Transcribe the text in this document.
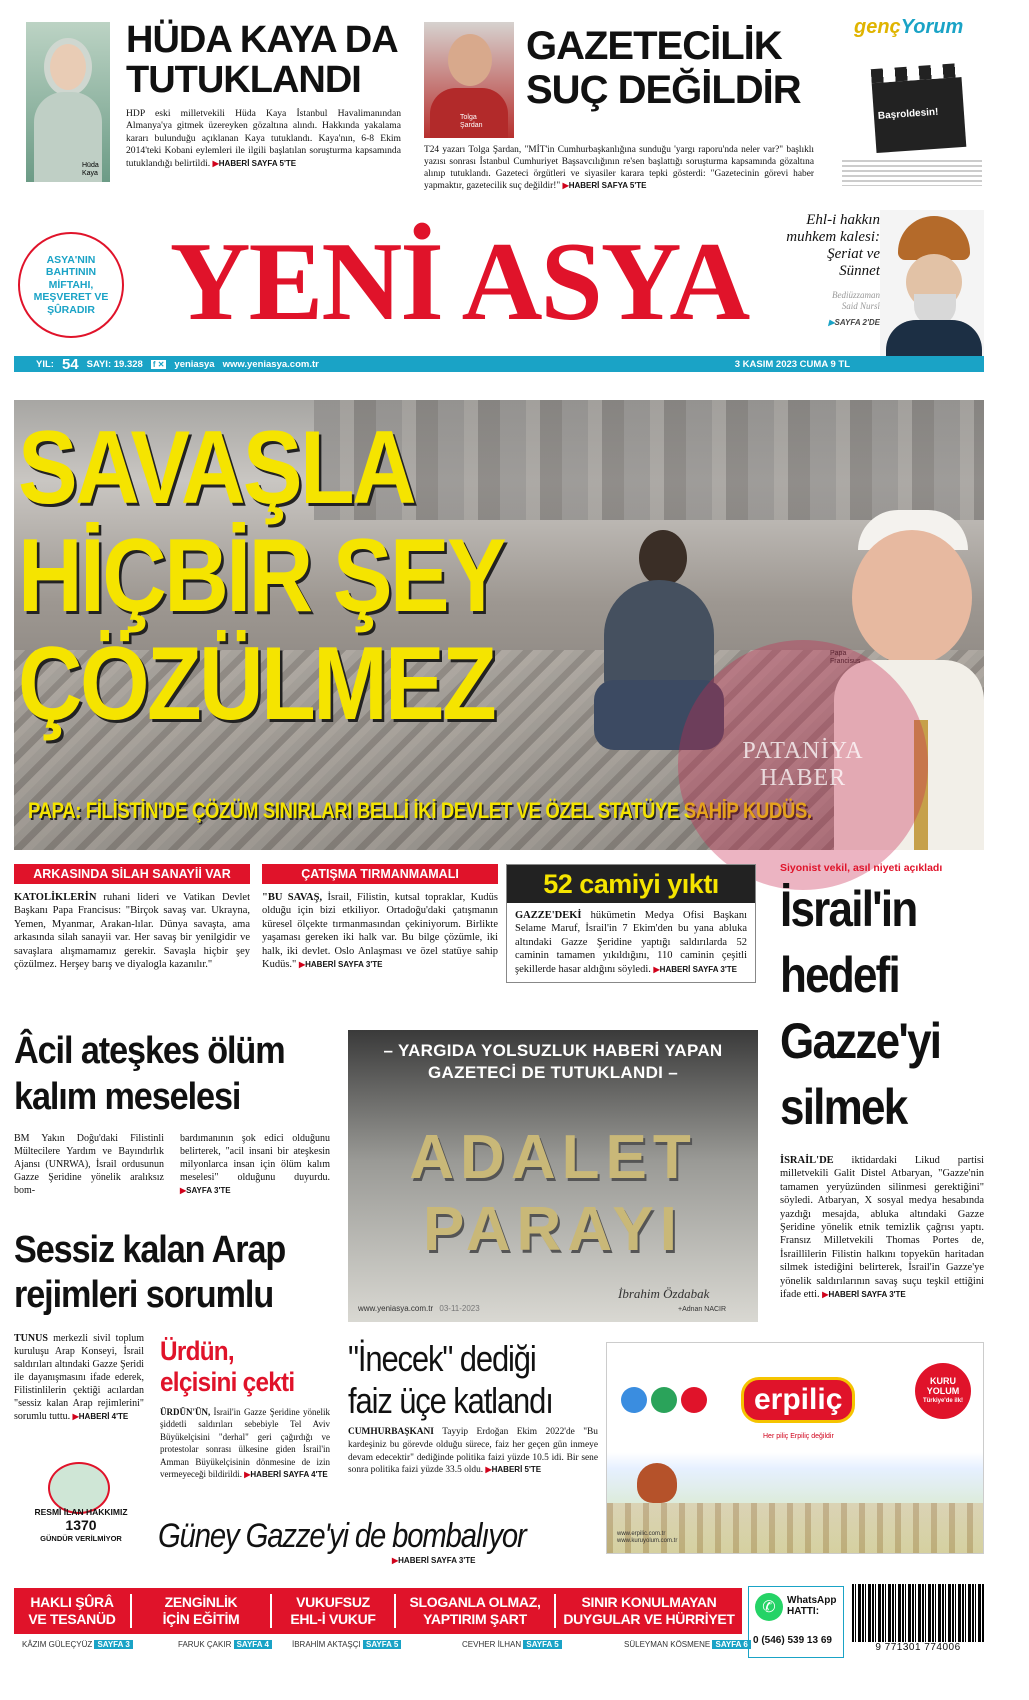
Hüda
Kaya
HÜDA KAYA DA
TUTUKLANDI
HDP eski milletvekili Hüda Kaya İstanbul Havalimanından Almanya'ya gitmek üzereyken gözaltına alındı. Hakkında yakalama kararı bulunduğu açıklanan Kaya tutuklandı. Kaya'nın, 6-8 Ekim 2014'teki Kobani eylemleri ile ilgili başlatılan soruşturma kapsamında tutuklandığı belirtildi. ▶HABERİ SAYFA 5'TE
Tolga
Şardan
GAZETECİLİK
SUÇ DEĞİLDİR
T24 yazarı Tolga Şardan, "MİT'in Cumhurbaşkanlığına sunduğu 'yargı raporu'nda neler var?" başlıklı yazısı sonrası İstanbul Cumhuriyet Başsavcılığının re'sen başlattığı soruşturma kapsamında gözaltına alınıp tutuklandı. Gazeteci örgütleri ve siyasiler karara tepki gösterdi: "Gazetecinin görevi haber yapmaktır, gazetecilik suç değildir!" ▶HABERİ SAFYA 5'TE
gençYorum
Başroldesin!
ASYA'NIN
BAHTININ
MİFTAHI,
MEŞVERET VE
ŞÛRADIR YENİ ASYA	Ehl-i hakkın
muhkem kalesi:
Şeriat ve
Sünnet
Bediüzzaman
Said Nursî
▶SAYFA 2'DE
YIL: 54 SAYI: 19.328 f ✕ yeniasya www.yeniasya.com.tr	3 KASIM 2023 CUMA 9 TL
Papa
Francisus
SAVAŞLA
HİÇBİR ŞEY
ÇÖZÜLMEZ
PAPA: FİLİSTİN'DE ÇÖZÜM SINIRLARI BELLİ İKİ DEVLET VE ÖZEL STATÜYE SAHİP KUDÜS.
PATANİYA
HABER
ARKASINDA SİLAH SANAYİİ VAR
KATOLİKLERİN ruhani lideri ve Vatikan Devlet Başkanı Papa Francisus: "Birçok savaş var. Ukrayna, Yemen, Myanmar, Arakan-lılar. Dünya savaşta, ama arkasında silah sanayii var. Her savaş bir yenilgidir ve savaşlara alışmamamız gerekir. Savaşla hiçbir şey çözülmez. Herşey barış ve diyalogla kazanılır."
ÇATIŞMA TIRMANMAMALI
"BU SAVAŞ, İsrail, Filistin, kutsal topraklar, Kudüs olduğu için bizi etkiliyor. Ortadoğu'daki çatışmanın küresel ölçekte tırmanmasından çekiniyorum. Birlikte yaşaması gereken iki halk var. Bu bilge çözümle, iki halk, iki devlet. Oslo Anlaşması ve özel statüye sahip Kudüs." ▶HABERİ SAYFA 3'TE
52 camiyi yıktı
GAZZE'DEKİ hükümetin Medya Ofisi Başkanı Selame Maruf, İsrail'in 7 Ekim'den bu yana abluka altındaki Gazze Şeridine yaptığı saldırılarda 52 caminin tamamen yıkıldığını, 110 caminin çeşitli şekillerde hasar aldığını söyledi. ▶HABERİ SAYFA 3'TE
Siyonist vekil, asıl niyeti açıkladı
İsrail'in
hedefi
Gazze'yi
silmek
İSRAİL'DE iktidardaki Likud partisi milletvekili Galit Distel Atbaryan, "Gazze'nin tamamen yeryüzünden silinmesi gerektiğini" söyledi. Atbaryan, X sosyal medya hesabında yazdığı mesajda, abluka altındaki Gazze Şeridine yönelik etnik temizlik çağrısı yaptı. Fransız Milletvekili Thomas Portes de, İsraillilerin Filistin halkını topyekün haritadan silmek istediğini belirterek, İsrail'in Gazze'ye yönelik saldırılarının savaş suçu teşkil ettiğini ifade etti. ▶HABERİ SAYFA 3'TE
Âcil ateşkes ölüm
kalım meselesi
BM Yakın Doğu'daki Filistinli Mültecilere Yardım ve Bayındırlık Ajansı (UNRWA), İsrail ordusunun Gazze Şeridine yönelik aralıksız bom-
bardımanının şok edici olduğunu belirterek, "acil insani bir ateşkesin milyonlarca insan için ölüm kalım meselesi" olduğunu duyurdu. ▶SAYFA 3'TE
– YARGIDA YOLSUZLUK HABERİ YAPAN
GAZETECİ DE TUTUKLANDI –
ADALET
PARAYI
www.yeniasya.com.tr 03-11-2023
İbrahim Özdabak
+Adnan NACIR
Sessiz kalan Arap
rejimleri sorumlu
TUNUS merkezli sivil toplum kuruluşu Arap Konseyi, İsrail saldırıları altındaki Gazze Şeridi ile dayanışmasını ifade ederek, Filistinlilerin çektiği acılardan "sessiz kalan Arap rejimlerini" sorumlu tuttu. ▶HABERİ 4'TE
Ürdün,
elçisini çekti
ÜRDÜN'ÜN, İsrail'in Gazze Şeridine yönelik şiddetli saldırıları sebebiyle Tel Aviv Büyükelçisini "derhal" geri çağırdığı ve protestolar sonrası ülkesine giden İsrail'in Amman Büyükelçisinin dönmesine de izin vermeyeceği bildirildi. ▶HABERİ SAYFA 4'TE
"İnecek" dediği
faiz üçe katlandı
CUMHURBAŞKANI Tayyip Erdoğan Ekim 2022'de "Bu kardeşiniz bu görevde olduğu sürece, faiz her geçen gün inmeye devam edecektir" dediğinde politika faizi yüzde 10.5 idi. Bir sene sonra politika faizi yüzde 33.5 oldu. ▶HABERİ 5'TE
RESMÎ İLAN HAKKIMIZ
1370
GÜNDÜR VERİLMİYOR	Güney Gazze'yi de bombalıyor
▶HABERİ SAYFA 3'TE
erpiliç
Her piliç Erpiliç değildir
KURU
YOLUM
Türkiye'de ilk!
www.erpilic.com.tr
www.kuruyolum.com.tr
HAKLI ŞÛRÂ
VE TESANÜD
ZENGİNLİK
İÇİN EĞİTİM
VUKUFSUZ
EHL-İ VUKUF
SLOGANLA OLMAZ,
YAPTIRIM ŞART
SINIR KONULMAYAN
DUYGULAR VE HÜRRİYET
KÂZIM GÜLEÇYÜZ SAYFA 3	FARUK ÇAKIR SAYFA 4	İBRAHİM AKTAŞÇI SAYFA 5	CEVHER İLHAN SAYFA 5	SÜLEYMAN KÖSMENE SAYFA 6
✆	WhatsApp
HATTI:
0 (546) 539 13 69
9 771301 774006
